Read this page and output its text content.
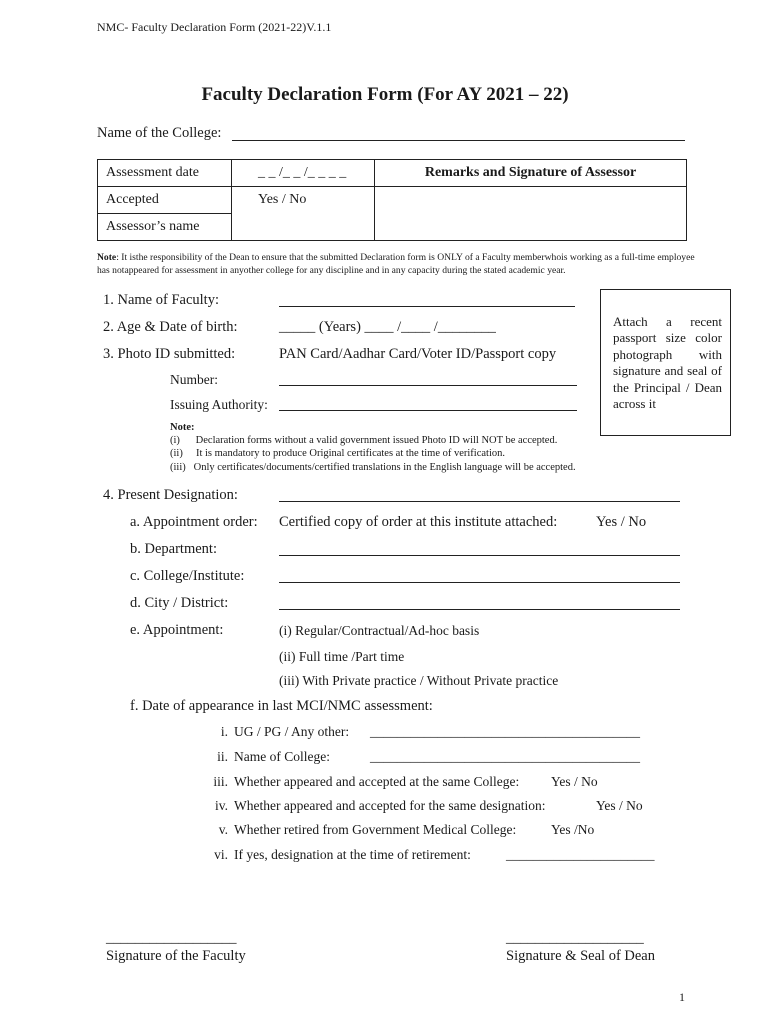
NMC- Faculty Declaration Form (2021-22)V.1.1
Faculty Declaration Form (For AY 2021 – 22)
Name of the College:
Assessment date	_ _ /_ _ /_ _ _ _	Remarks and Signature of Assessor
Accepted	Yes / No	
Assessor’s name		
Note: It isthe responsibility of the Dean to ensure that the submitted Declaration form is ONLY of a Faculty memberwhois working as a full-time employee has notappeared for assessment in anyother college for any discipline and in any capacity during the stated academic year.
1. Name of Faculty:
2. Age & Date of birth:	_____ (Years) ____ /____ /________
3. Photo ID submitted:	PAN Card/Aadhar Card/Voter ID/Passport copy
Number:
Issuing Authority:
Attach a recent passport size color photograph with signature and seal of the Principal / Dean across it
Note:
(i)      Declaration forms without a valid government issued Photo ID will NOT be accepted.
(ii)     It is mandatory to produce Original certificates at the time of verification.
(iii)   Only certificates/documents/certified translations in the English language will be accepted.
4. Present Designation:
a. Appointment order: Certified copy of order at this institute attached:	Yes / No
b. Department:
c. College/Institute:
d. City / District:
e. Appointment:	(i) Regular/Contractual/Ad-hoc basis
(ii) Full time /Part time
(iii) With Private practice / Without Private practice
f. Date of appearance in last MCI/NMC assessment:
i. UG / PG / Any other: ________________________________________
ii. Name of College:	________________________________________
iii. Whether appeared and accepted at the same College: Yes / No
iv. Whether appeared and accepted for the same designation:	Yes / No
v. Whether retired from Government Medical College:	Yes /No
vi. If yes, designation at the time of retirement:	______________________
__________________
Signature of the Faculty
___________________
Signature & Seal of Dean
1
